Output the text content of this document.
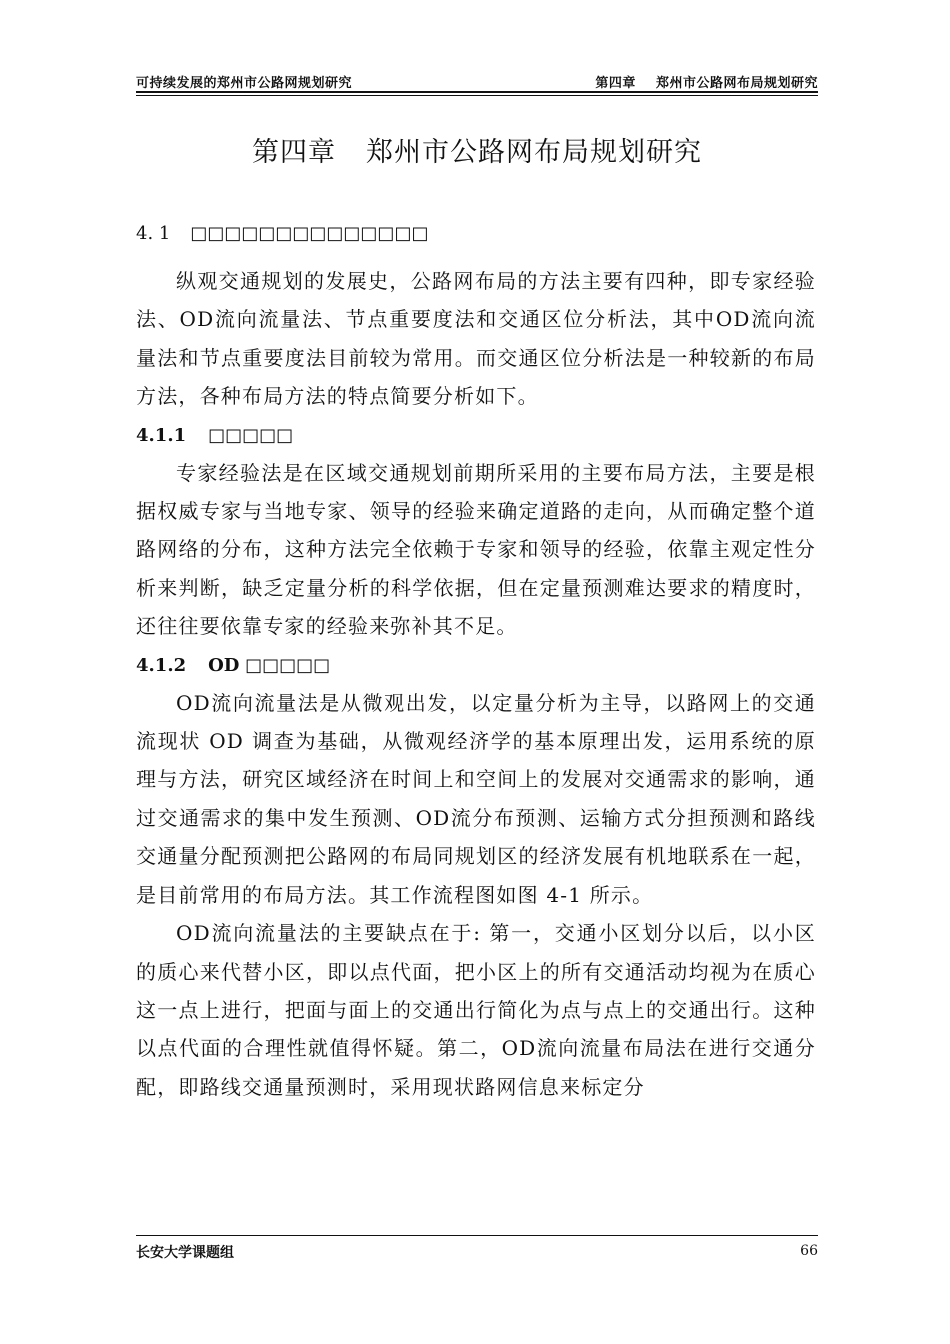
可持续发展的郑州市公路网规划研究	第四章    郑州市公路网布局规划研究
第四章 郑州市公路网布局规划研究
4. 1 □□□□□□□□□□□□□□

纵观交通规划的发展史，公路网布局的方法主要有四种，即专家经验法、OD流向流量法、节点重要度法和交通区位分析法，其中OD流向流量法和节点重要度法目前较为常用。而交通区位分析法是一种较新的布局方法，各种布局方法的特点简要分析如下。

4.1.1 □□□□□

专家经验法是在区域交通规划前期所采用的主要布局方法，主要是根据权威专家与当地专家、领导的经验来确定道路的走向，从而确定整个道路网络的分布，这种方法完全依赖于专家和领导的经验，依靠主观定性分析来判断，缺乏定量分析的科学依据，但在定量预测难达要求的精度时，还往往要依靠专家的经验来弥补其不足。

4.1.2 OD □□□□□

OD流向流量法是从微观出发，以定量分析为主导，以路网上的交通流现状 OD 调查为基础，从微观经济学的基本原理出发，运用系统的原理与方法，研究区域经济在时间上和空间上的发展对交通需求的影响，通过交通需求的集中发生预测、OD流分布预测、运输方式分担预测和路线交通量分配预测把公路网的布局同规划区的经济发展有机地联系在一起，是目前常用的布局方法。其工作流程图如图 4-1 所示。

OD流向流量法的主要缺点在于: 第一，交通小区划分以后，以小区的质心来代替小区，即以点代面，把小区上的所有交通活动均视为在质心这一点上进行，把面与面上的交通出行简化为点与点上的交通出行。这种以点代面的合理性就值得怀疑。第二，OD流向流量布局法在进行交通分配，即路线交通量预测时，采用现状路网信息来标定分

长安大学课题组	66
